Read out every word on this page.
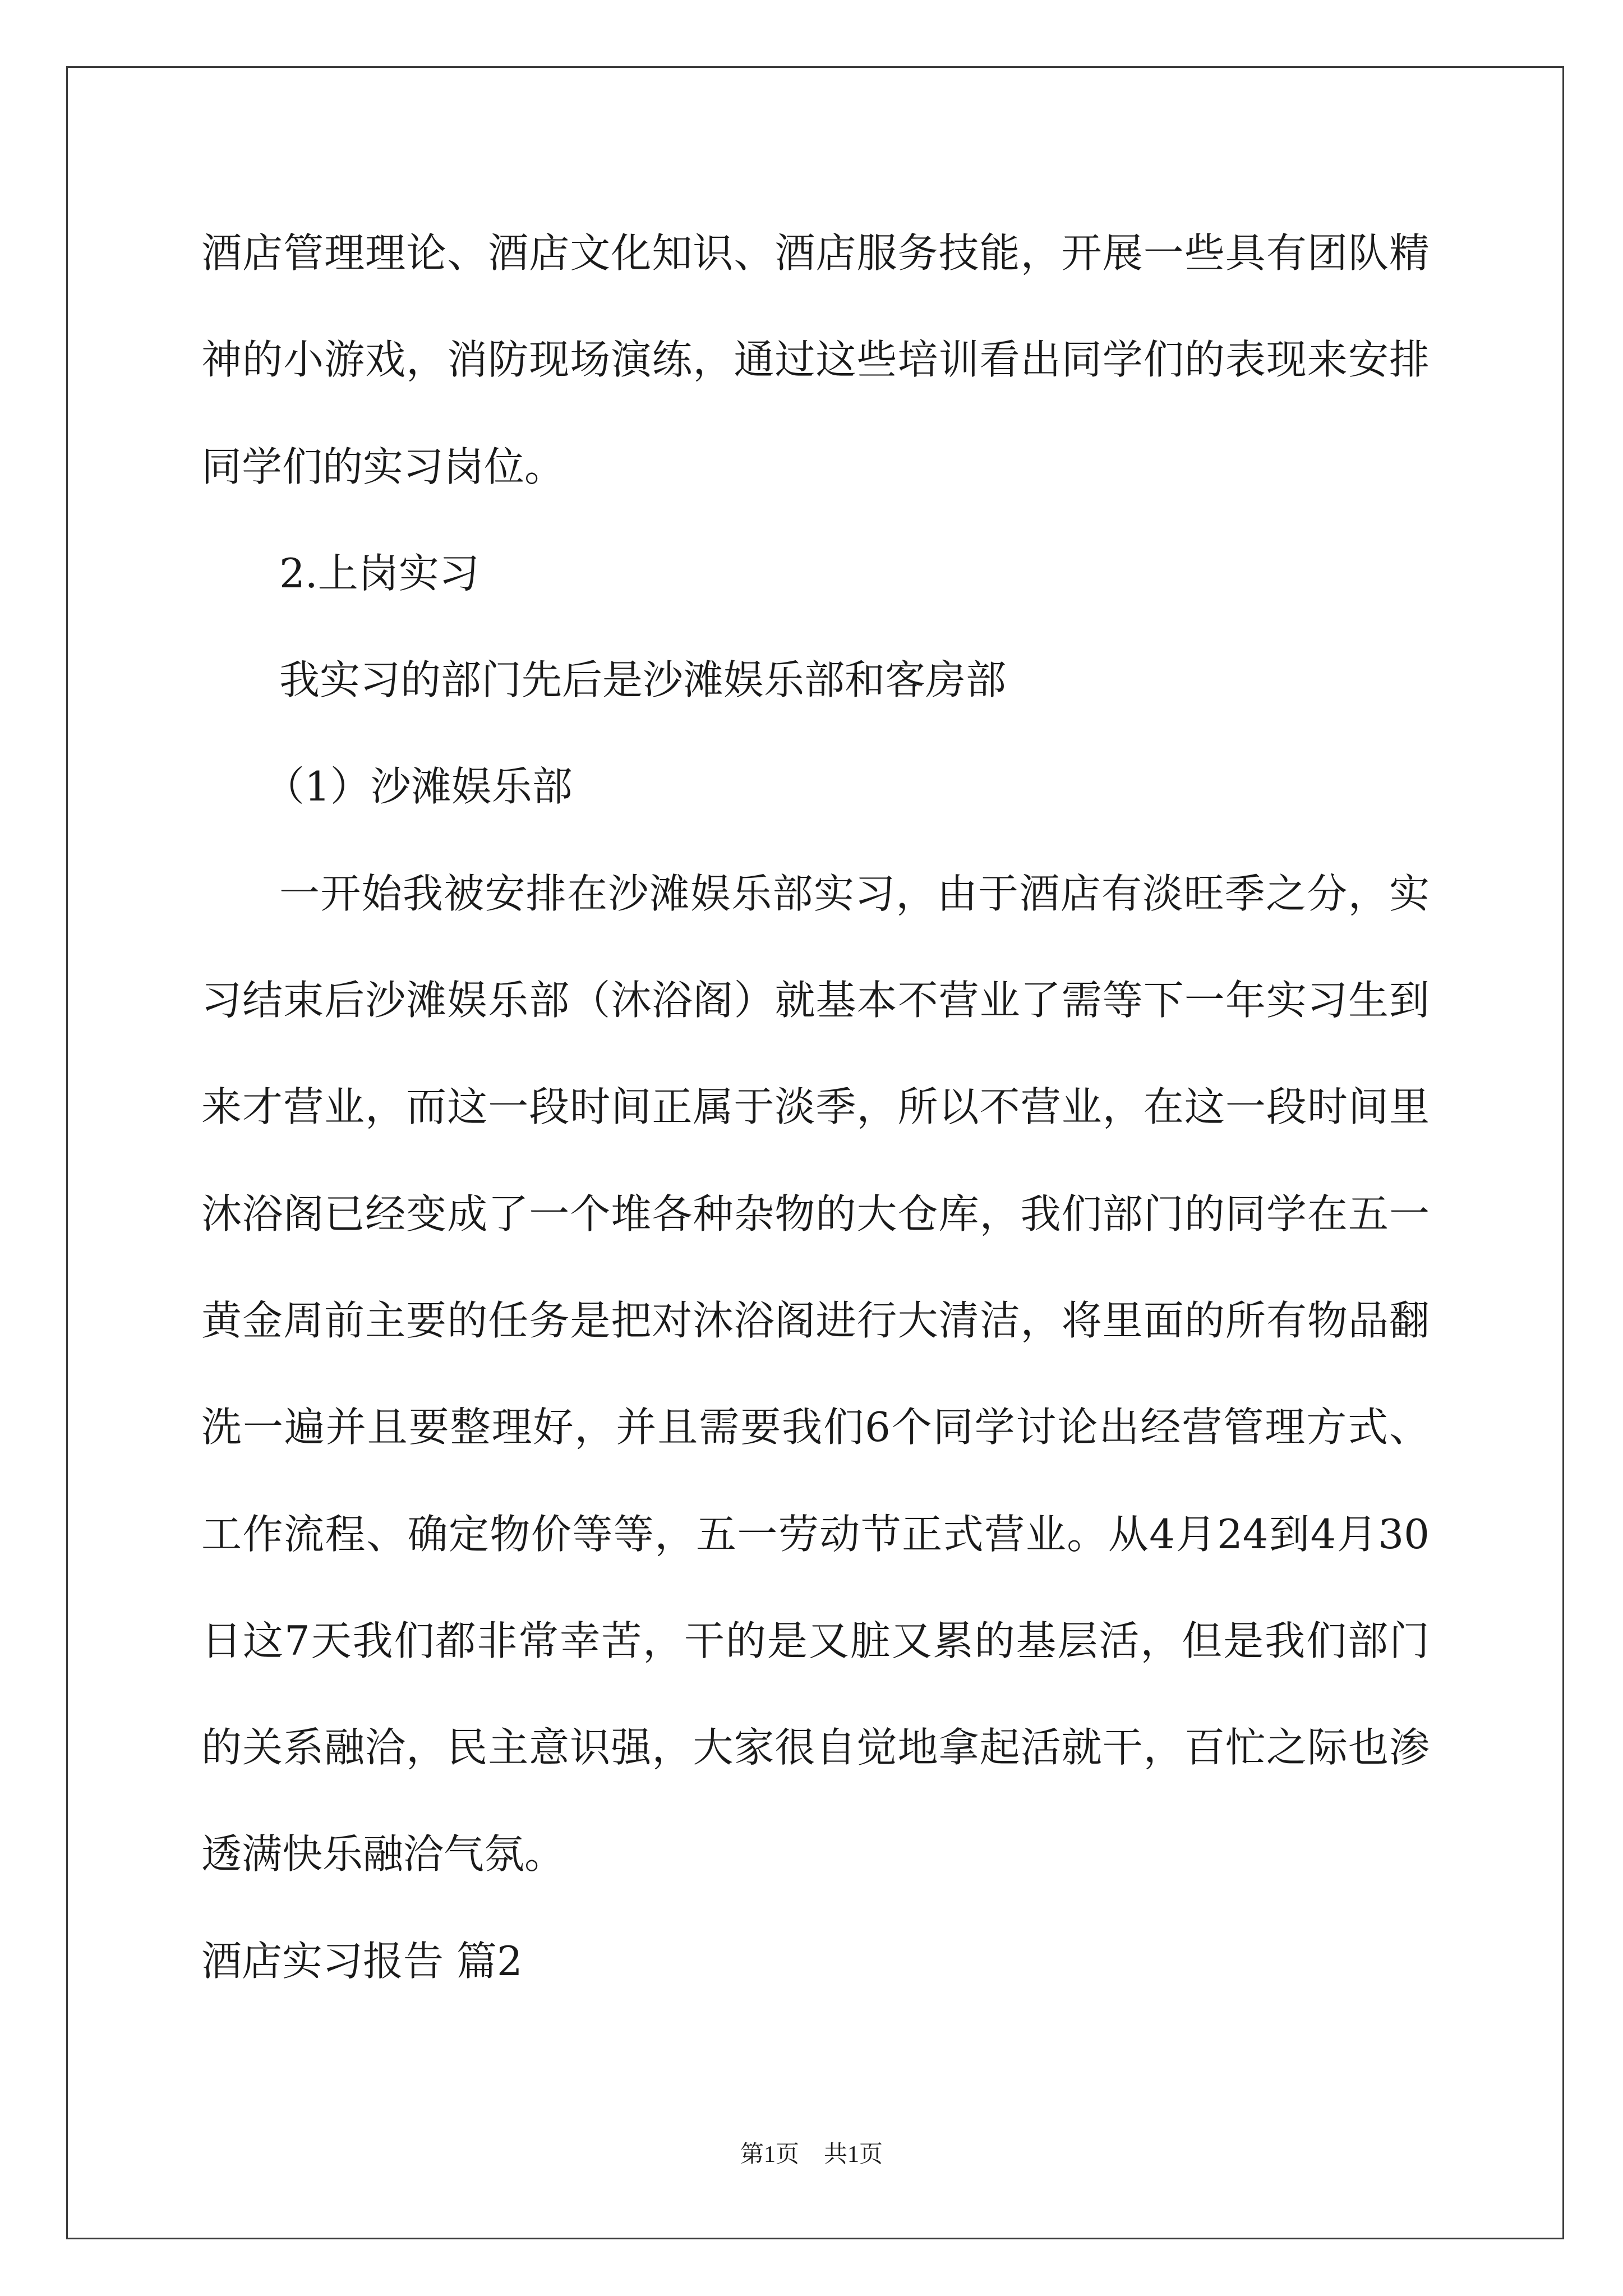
酒店管理理论、酒店文化知识、酒店服务技能，开展一些具有团队精
神的小游戏，消防现场演练，通过这些培训看出同学们的表现来安排
同学们的实习岗位。
2.上岗实习
我实习的部门先后是沙滩娱乐部和客房部
（1）沙滩娱乐部
一开始我被安排在沙滩娱乐部实习，由于酒店有淡旺季之分，实
习结束后沙滩娱乐部（沐浴阁）就基本不营业了需等下一年实习生到
来才营业，而这一段时间正属于淡季，所以不营业，在这一段时间里
沐浴阁已经变成了一个堆各种杂物的大仓库，我们部门的同学在五一
黄金周前主要的任务是把对沐浴阁进行大清洁，将里面的所有物品翻
洗一遍并且要整理好，并且需要我们6个同学讨论出经营管理方式、
工作流程、确定物价等等，五一劳动节正式营业。从4月24到4月30
日这7天我们都非常幸苦，干的是又脏又累的基层活，但是我们部门
的关系融洽，民主意识强，大家很自觉地拿起活就干，百忙之际也渗
透满快乐融洽气氛。
酒店实习报告 篇2
第1页 共1页
